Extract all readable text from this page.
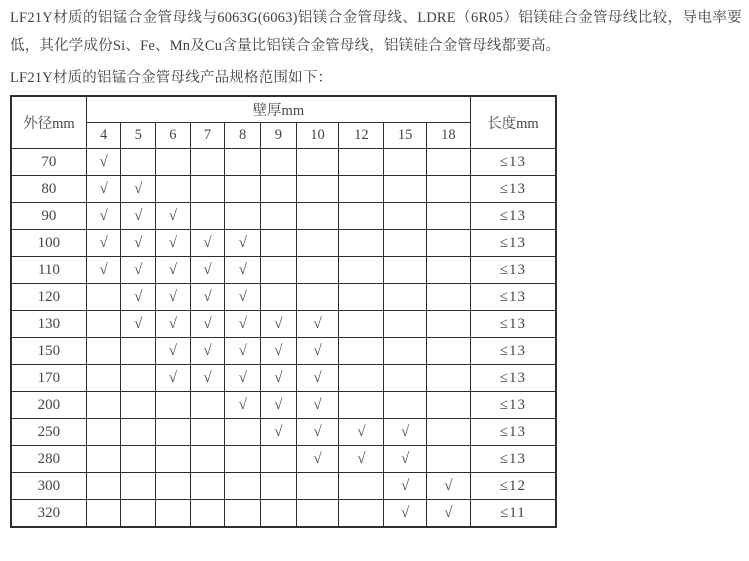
LF21Y材质的铝锰合金管母线与6063G(6063)铝镁合金管母线、LDRE（6R05）铝镁硅合金管母线比较，导电率要低，其化学成份Si、Fe、Mn及Cu含量比铝镁合金管母线，铝镁硅合金管母线都要高。

LF21Y材质的铝锰合金管母线产品规格范围如下：

外径mm	壁厚mm										长度mm
	4	5	6	7	8	9	10	12	15	18	
70	√										≤13
80	√	√									≤13
90	√	√	√								≤13
100	√	√	√	√	√						≤13
110	√	√	√	√	√						≤13
120		√	√	√	√						≤13
130		√	√	√	√	√	√				≤13
150			√	√	√	√	√				≤13
170			√	√	√	√	√				≤13
200					√	√	√				≤13
250						√	√	√	√		≤13
280							√	√	√		≤13
300									√	√	≤12
320									√	√	≤11
